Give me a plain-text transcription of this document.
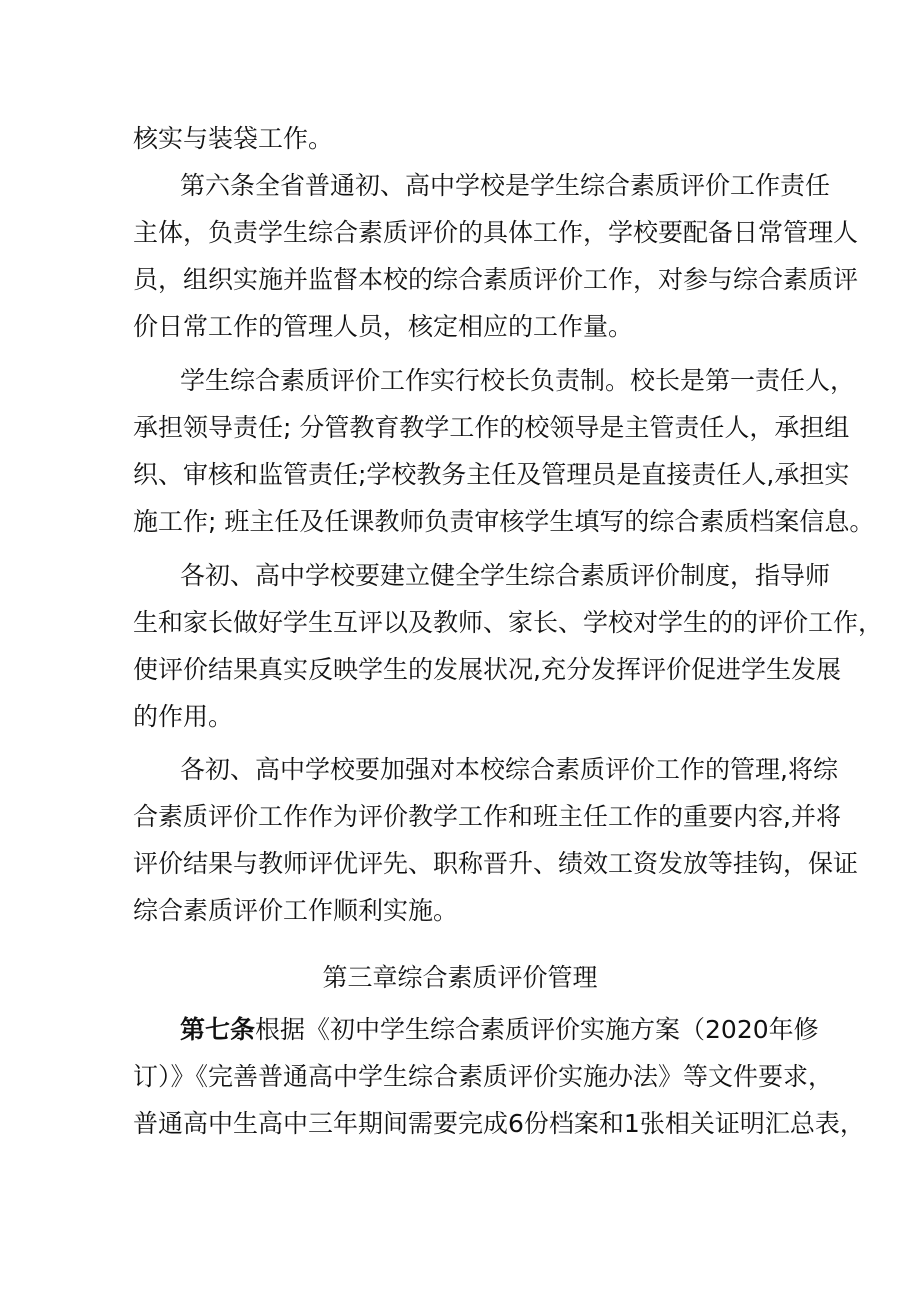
核实与装袋工作。
第六条全省普通初、高中学校是学生综合素质评价工作责任
主体，负责学生综合素质评价的具体工作，学校要配备日常管理人
员，组织实施并监督本校的综合素质评价工作，对参与综合素质评
价日常工作的管理人员，核定相应的工作量。
学生综合素质评价工作实行校长负责制。校长是第一责任人，
承担领导责任; 分管教育教学工作的校领导是主管责任人，承担组
织、审核和监管责任;学校教务主任及管理员是直接责任人,承担实
施工作; 班主任及任课教师负责审核学生填写的综合素质档案信息。
各初、高中学校要建立健全学生综合素质评价制度，指导师
生和家长做好学生互评以及教师、家长、学校对学生的的评价工作，
使评价结果真实反映学生的发展状况,充分发挥评价促进学生发展
的作用。
各初、高中学校要加强对本校综合素质评价工作的管理,将综
合素质评价工作作为评价教学工作和班主任工作的重要内容,并将
评价结果与教师评优评先、职称晋升、绩效工资发放等挂钩，保证
综合素质评价工作顺利实施。
第三章综合素质评价管理
第七条根据《初中学生综合素质评价实施方案（2020年修
订）》《完善普通高中学生综合素质评价实施办法》等文件要求，
普通高中生高中三年期间需要完成6份档案和1张相关证明汇总表，
